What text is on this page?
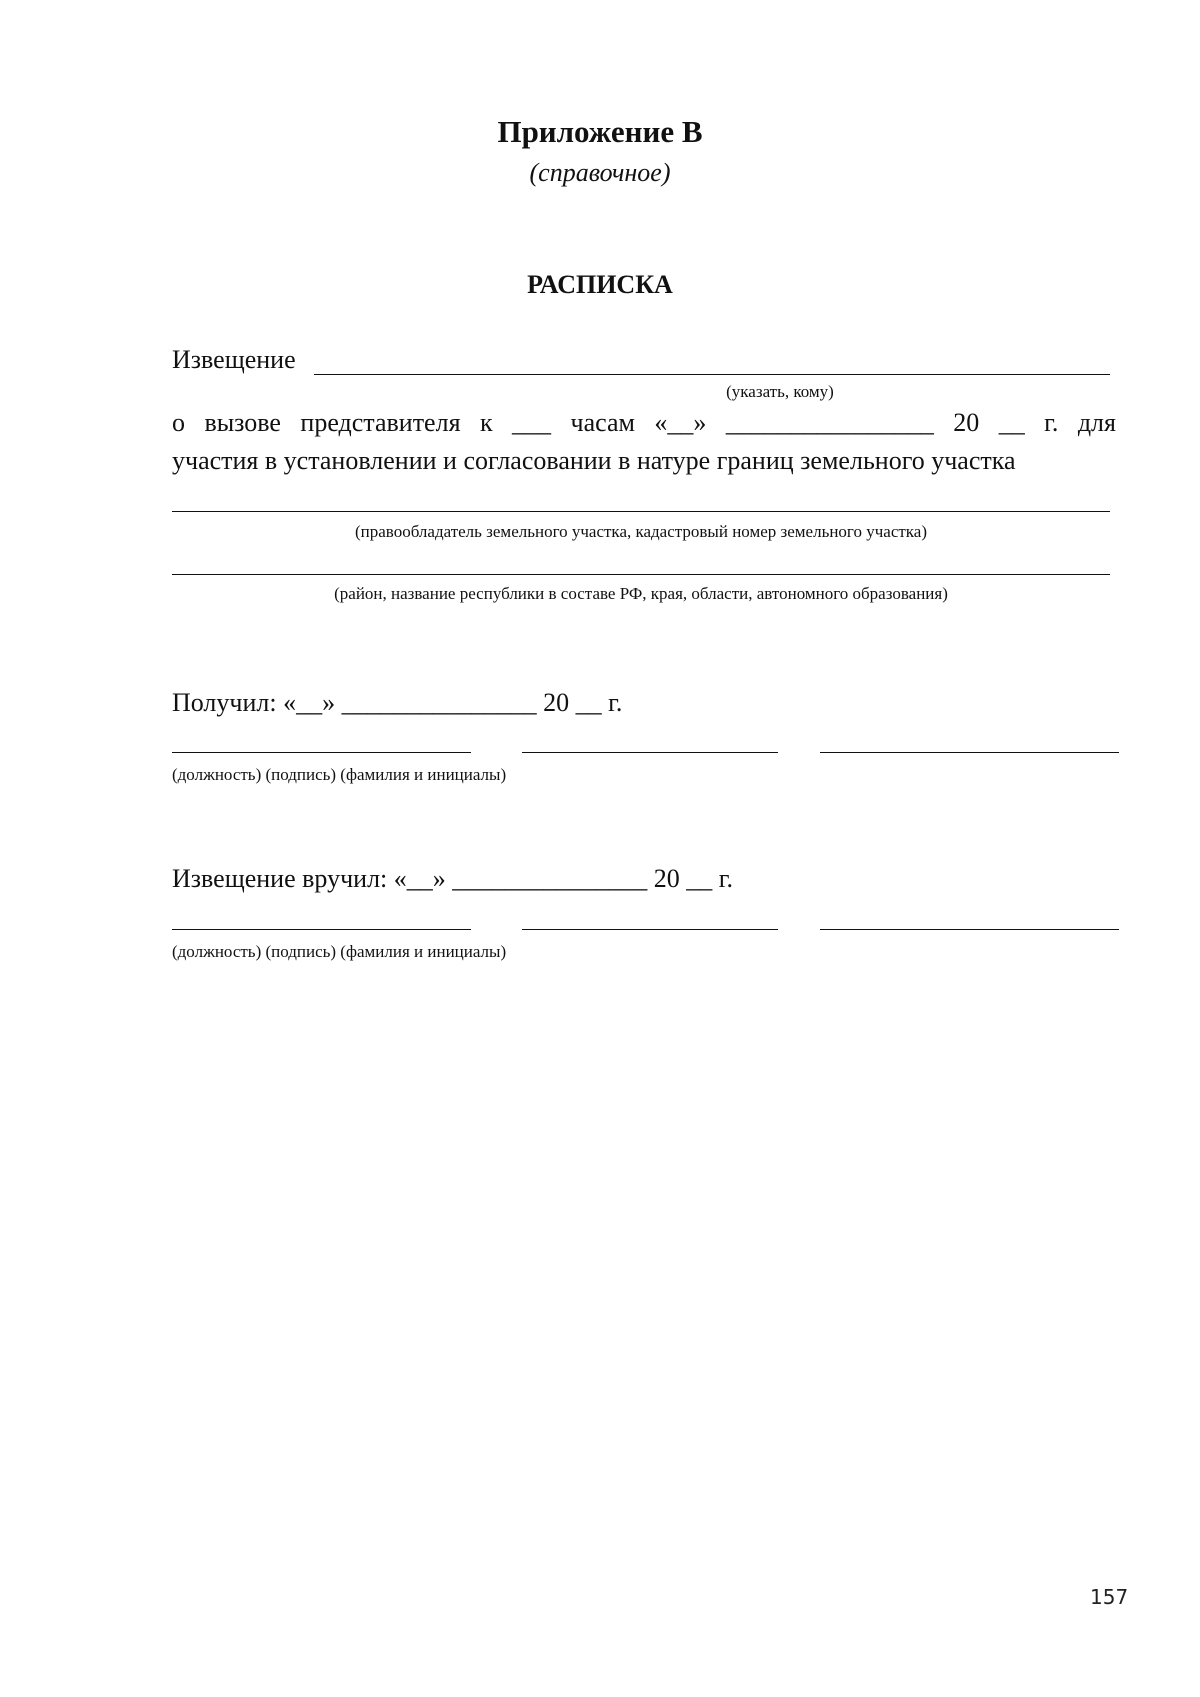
Приложение В
(справочное)
РАСПИСКА
Извещение
(указать, кому)
о вызове представителя к ___ часам «__» ________________ 20 __ г. для
участия в установлении и согласовании в натуре границ земельного участка
(правообладатель земельного участка, кадастровый номер земельного участка)
(район, название республики в составе РФ, края, области, автономного образования)
Получил: «__» _______________ 20 __ г.
(должность) (подпись) (фамилия и инициалы)
Извещение вручил: «__» _______________ 20 __ г.
(должность) (подпись) (фамилия и инициалы)
157
